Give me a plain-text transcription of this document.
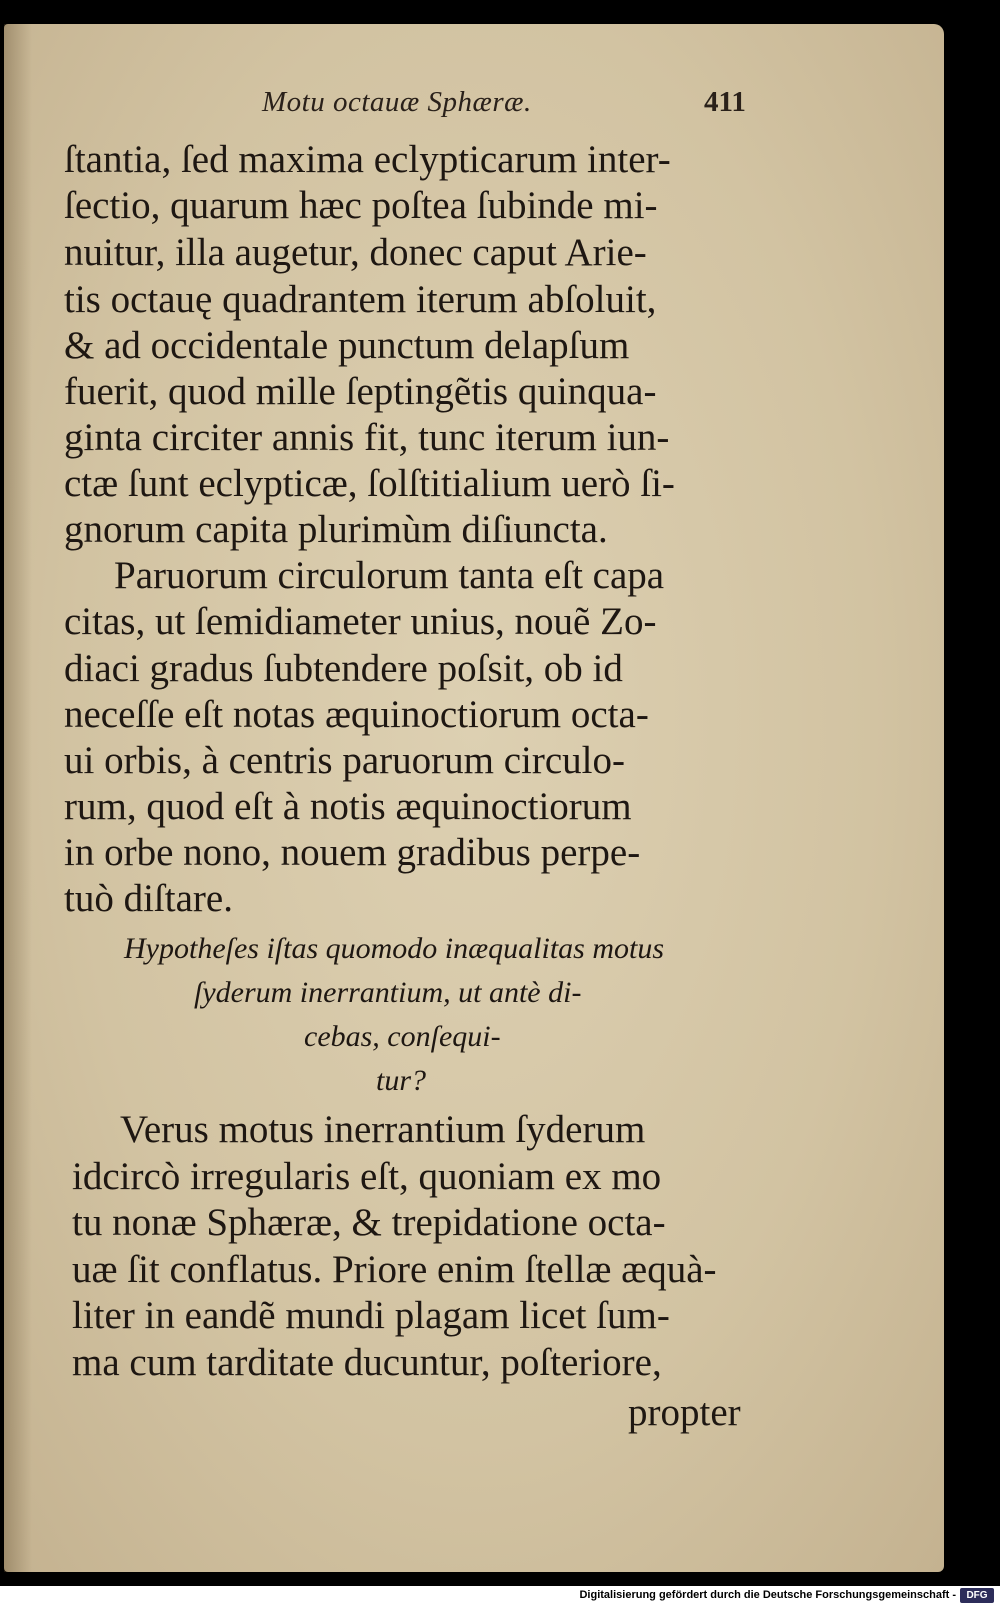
Motu octauæ Sphæræ.	411
ſtantia, ſed maxima eclypticarum inter-
ſectio, quarum hæc poſtea ſubinde mi-
nuitur, illa augetur, donec caput Arie-
tis octauę quadrantem iterum abſoluit,
& ad occidentale punctum delapſum
fuerit, quod mille ſeptingẽtis quinqua-
ginta circiter annis fit, tunc iterum iun-
ctæ ſunt eclypticæ, ſolſtitialium uerò ſi-
gnorum capita plurimùm diſiuncta.
Paruorum circulorum tanta eſt capa
citas, ut ſemidiameter unius, nouẽ Zo-
diaci gradus ſubtendere poſsit, ob id
neceſſe eſt notas æquinoctiorum octa-
ui orbis, à centris paruorum circulo-
rum, quod eſt à notis æquinoctiorum
in orbe nono, nouem gradibus perpe-
tuò diſtare.
Hypotheſes iſtas quomodo inæqualitas motus
ſyderum inerrantium, ut antè di-
cebas, conſequi-
tur?
Verus motus inerrantium ſyderum
idcircò irregularis eſt, quoniam ex mo
tu nonæ Sphæræ, & trepidatione octa-
uæ ſit conflatus. Priore enim ſtellæ æquà-
liter in eandẽ mundi plagam licet ſum-
ma cum tarditate ducuntur, poſteriore,
propter
Digitalisierung gefördert durch die Deutsche Forschungsgemeinschaft -	DFG
